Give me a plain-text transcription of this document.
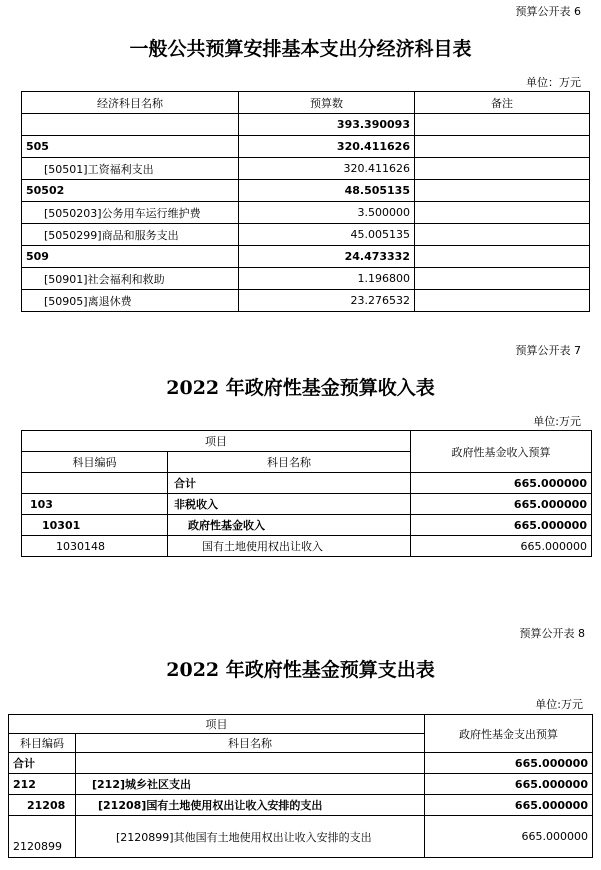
预算公开表 6
一般公共预算安排基本支出分经济科目表
单位：万元
经济科目名称	预算数	备注
	393.390093	
505	320.411626	
[50501]工资福利支出	320.411626	
50502	48.505135	
[5050203]公务用车运行维护费	3.500000	
[5050299]商品和服务支出	45.005135	
509	24.473332	
[50901]社会福利和救助	1.196800	
[50905]离退休费	23.276532	
预算公开表 7
2022 年政府性基金预算收入表
单位:万元
项目		政府性基金收入预算
科目编码	科目名称	
	合计	665.000000
103	非税收入	665.000000
10301	政府性基金收入	665.000000
1030148	国有土地使用权出让收入	665.000000
预算公开表 8
2022 年政府性基金预算支出表
单位:万元
项目		政府性基金支出预算
科目编码	科目名称	
合计		665.000000
212	[212]城乡社区支出	665.000000
21208	[21208]国有土地使用权出让收入安排的支出	665.000000
2120899	[2120899]其他国有土地使用权出让收入安排的支出	665.000000
